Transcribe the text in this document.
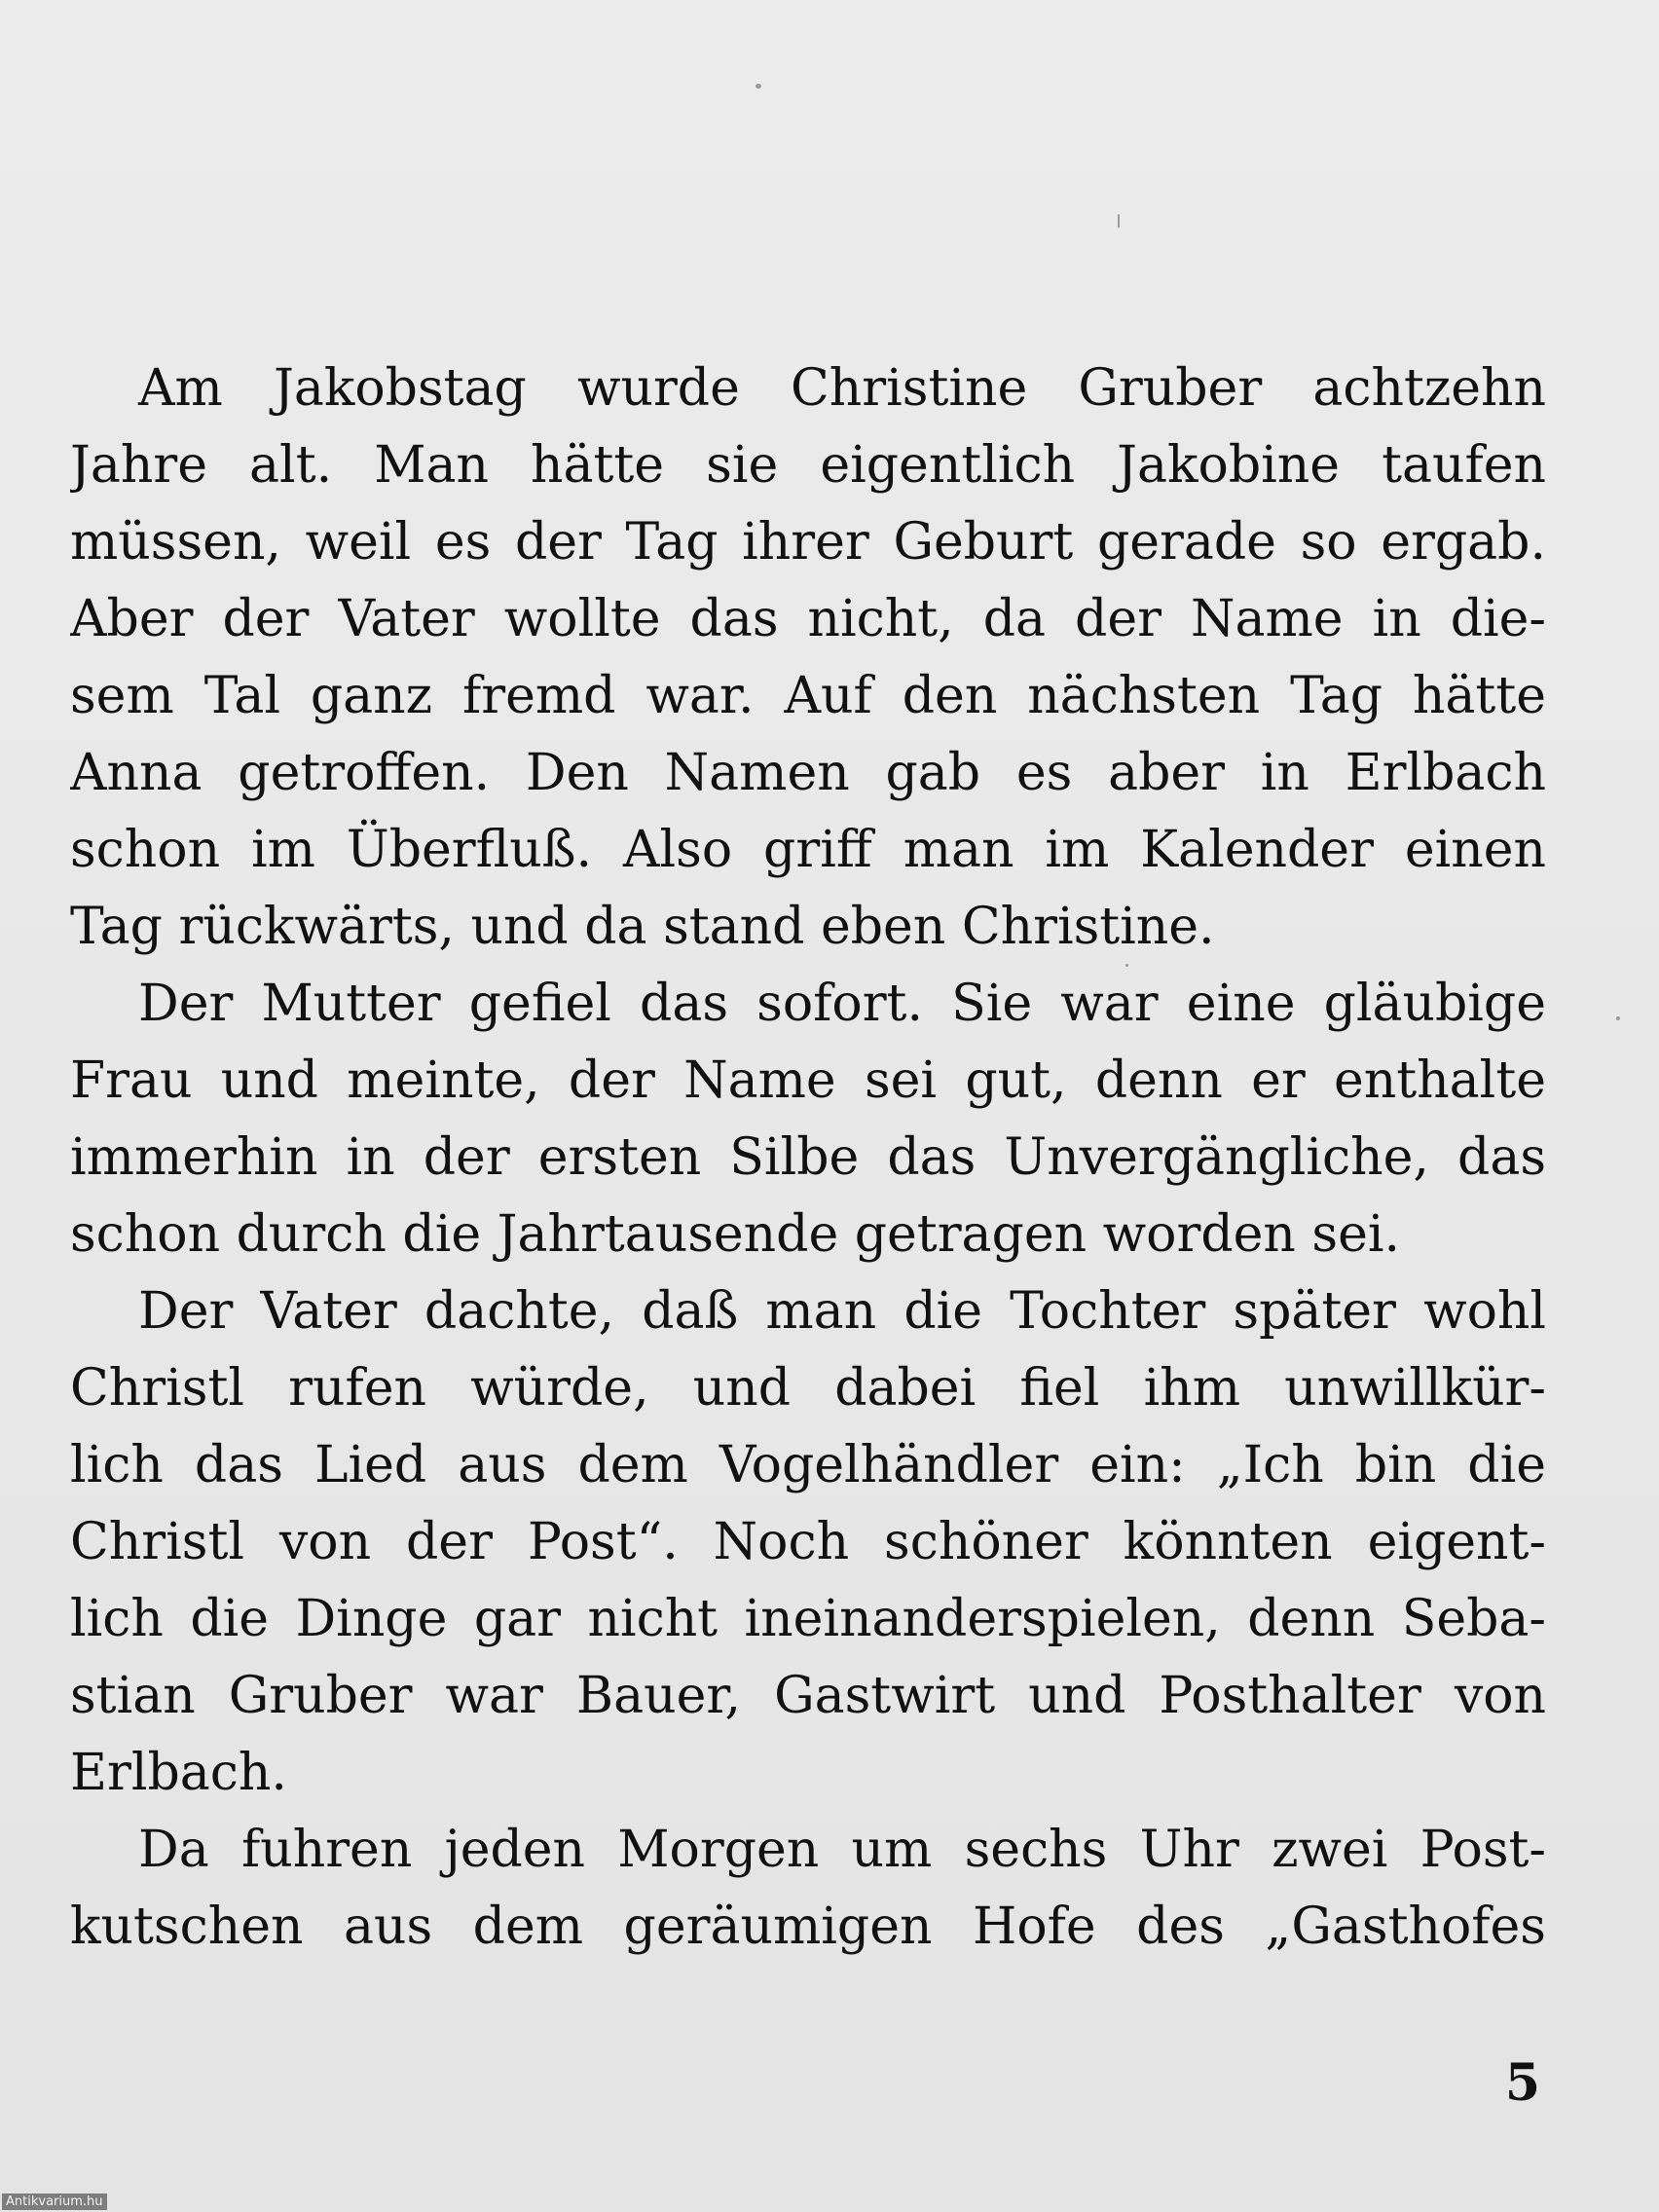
Am Jakobstag wurde Christine Gruber achtzehn
Jahre alt. Man hätte sie eigentlich Jakobine taufen
müssen, weil es der Tag ihrer Geburt gerade so ergab.
Aber der Vater wollte das nicht, da der Name in die-
sem Tal ganz fremd war. Auf den nächsten Tag hätte
Anna getroffen. Den Namen gab es aber in Erlbach
schon im Überfluß. Also griff man im Kalender einen
Tag rückwärts, und da stand eben Christine.
Der Mutter gefiel das sofort. Sie war eine gläubige
Frau und meinte, der Name sei gut, denn er enthalte
immerhin in der ersten Silbe das Unvergängliche, das
schon durch die Jahrtausende getragen worden sei.
Der Vater dachte, daß man die Tochter später wohl
Christl rufen würde, und dabei fiel ihm unwillkür-
lich das Lied aus dem Vogelhändler ein: „Ich bin die
Christl von der Post“. Noch schöner könnten eigent-
lich die Dinge gar nicht ineinanderspielen, denn Seba-
stian Gruber war Bauer, Gastwirt und Posthalter von
Erlbach.
Da fuhren jeden Morgen um sechs Uhr zwei Post-
kutschen aus dem geräumigen Hofe des „Gasthofes
5
Antikvarium.hu
